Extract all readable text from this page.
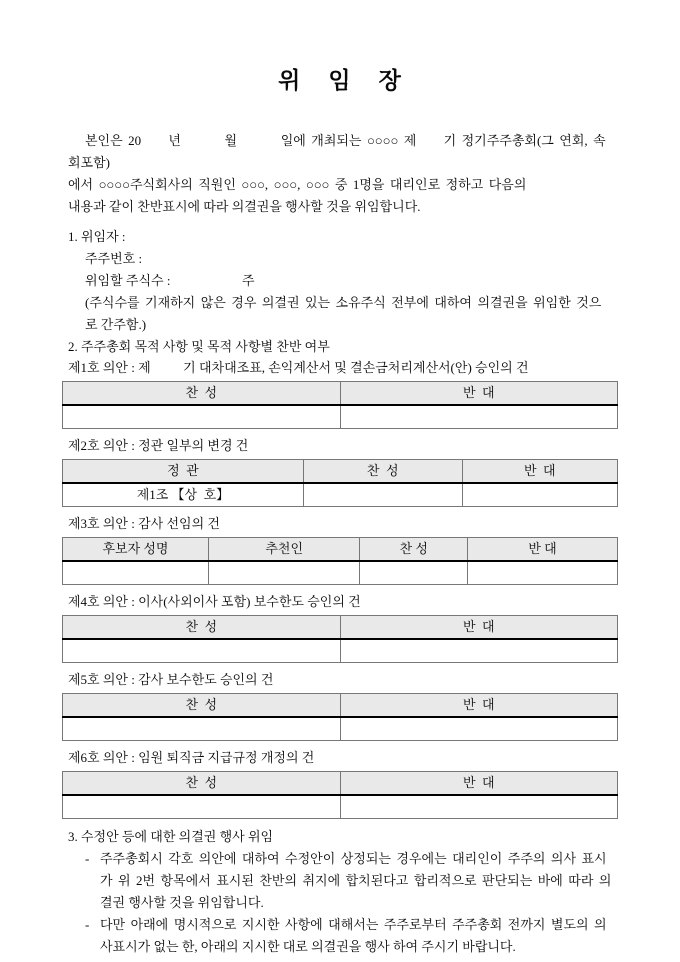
위    임    장
본인은 20     년        월        일에 개최되는 ○○○○ 제     기 정기주주총회(그 연회, 속회포함)
에서 ○○○○주식회사의 직원인 ○○○, ○○○, ○○○ 중 1명을 대리인로 정하고 다음의
내용과 같이 찬반표시에 따라 의결권을 행사할 것을 위임합니다.
1. 위임자 :
주주번호 :
위임할 주식수 :                      주
(주식수를 기재하지 않은 경우 의결권 있는 소유주식 전부에 대하여 의결권을 위임한 것으
로 간주함.)
2. 주주총회 목적 사항 및 목적 사항별 찬반 여부
제1호 의안 : 제          기 대차대조표, 손익계산서 및 결손금처리계산서(안) 승인의 건
찬  성	반  대

제2호 의안 : 정관 일부의 변경 건
정  관	찬  성	반  대
제1조 【상  호】		
제3호 의안 : 감사 선임의 건
후보자 성명	추천인	찬 성	반 대

제4호 의안 : 이사(사외이사 포함) 보수한도 승인의 건
찬  성	반  대

제5호 의안 : 감사 보수한도 승인의 건
찬  성	반  대

제6호 의안 : 임원 퇴직금 지급규정 개정의 건
찬  성	반  대

3. 수정안 등에 대한 의결권 행사 위임
- 주주총회시 각호 의안에 대하여 수정안이 상정되는 경우에는 대리인이 주주의 의사 표시
가 위 2번 항목에서 표시된 찬반의 취지에 합치된다고 합리적으로 판단되는 바에 따라 의
결권 행사할 것을 위임합니다.
- 다만 아래에 명시적으로 지시한 사항에 대해서는 주주로부터 주주총회 전까지 별도의 의
사표시가 없는 한, 아래의 지시한 대로 의결권을 행사 하여 주시기 바랍니다.
